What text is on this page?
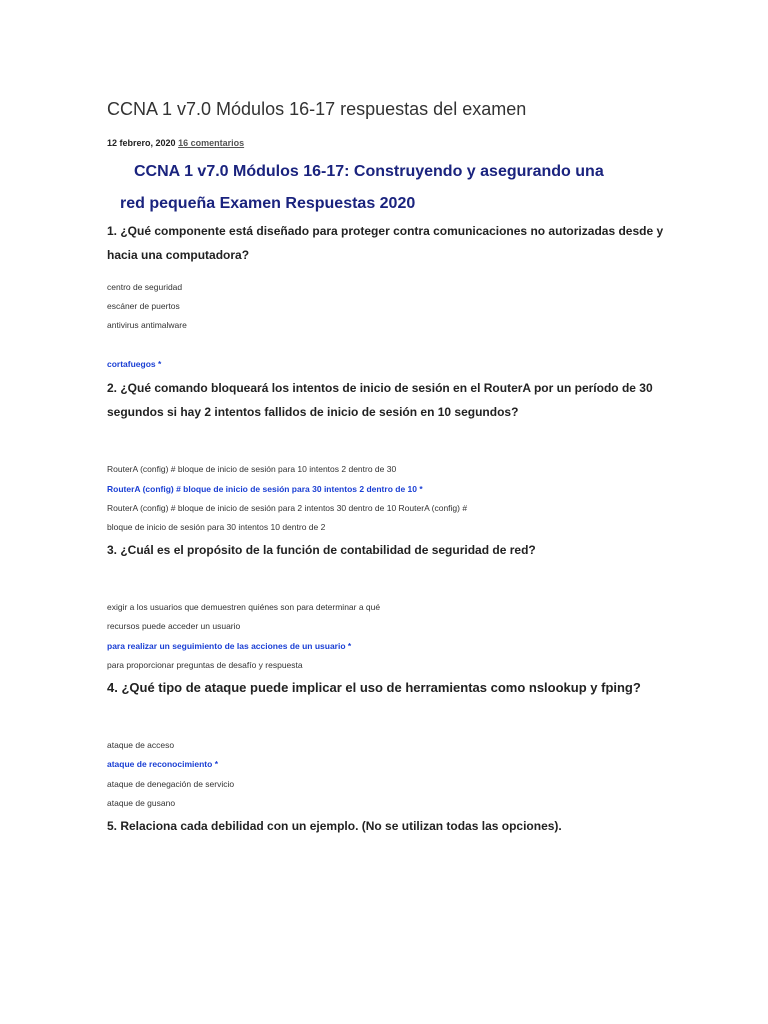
CCNA 1 v7.0 Módulos 16-17 respuestas del examen
12 febrero, 2020 16 comentarios
CCNA 1 v7.0 Módulos 16-17: Construyendo y asegurando una
red pequeña Examen Respuestas 2020
1. ¿Qué componente está diseñado para proteger contra comunicaciones no autorizadas desde y hacia una computadora?
centro de seguridad
escáner de puertos
antivirus antimalware
cortafuegos *
2. ¿Qué comando bloqueará los intentos de inicio de sesión en el RouterA por un período de 30 segundos si hay 2 intentos fallidos de inicio de sesión en 10 segundos?
RouterA (config) # bloque de inicio de sesión para 10 intentos 2 dentro de 30
RouterA (config) # bloque de inicio de sesión para 30 intentos 2 dentro de 10 *
RouterA (config) # bloque de inicio de sesión para 2 intentos 30 dentro de 10 RouterA (config) #
bloque de inicio de sesión para 30 intentos 10 dentro de 2
3. ¿Cuál es el propósito de la función de contabilidad de seguridad de red?
exigir a los usuarios que demuestren quiénes son para determinar a qué
recursos puede acceder un usuario
para realizar un seguimiento de las acciones de un usuario *
para proporcionar preguntas de desafío y respuesta
4. ¿Qué tipo de ataque puede implicar el uso de herramientas como nslookup y fping?
ataque de acceso
ataque de reconocimiento *
ataque de denegación de servicio
ataque de gusano
5. Relaciona cada debilidad con un ejemplo. (No se utilizan todas las opciones).
